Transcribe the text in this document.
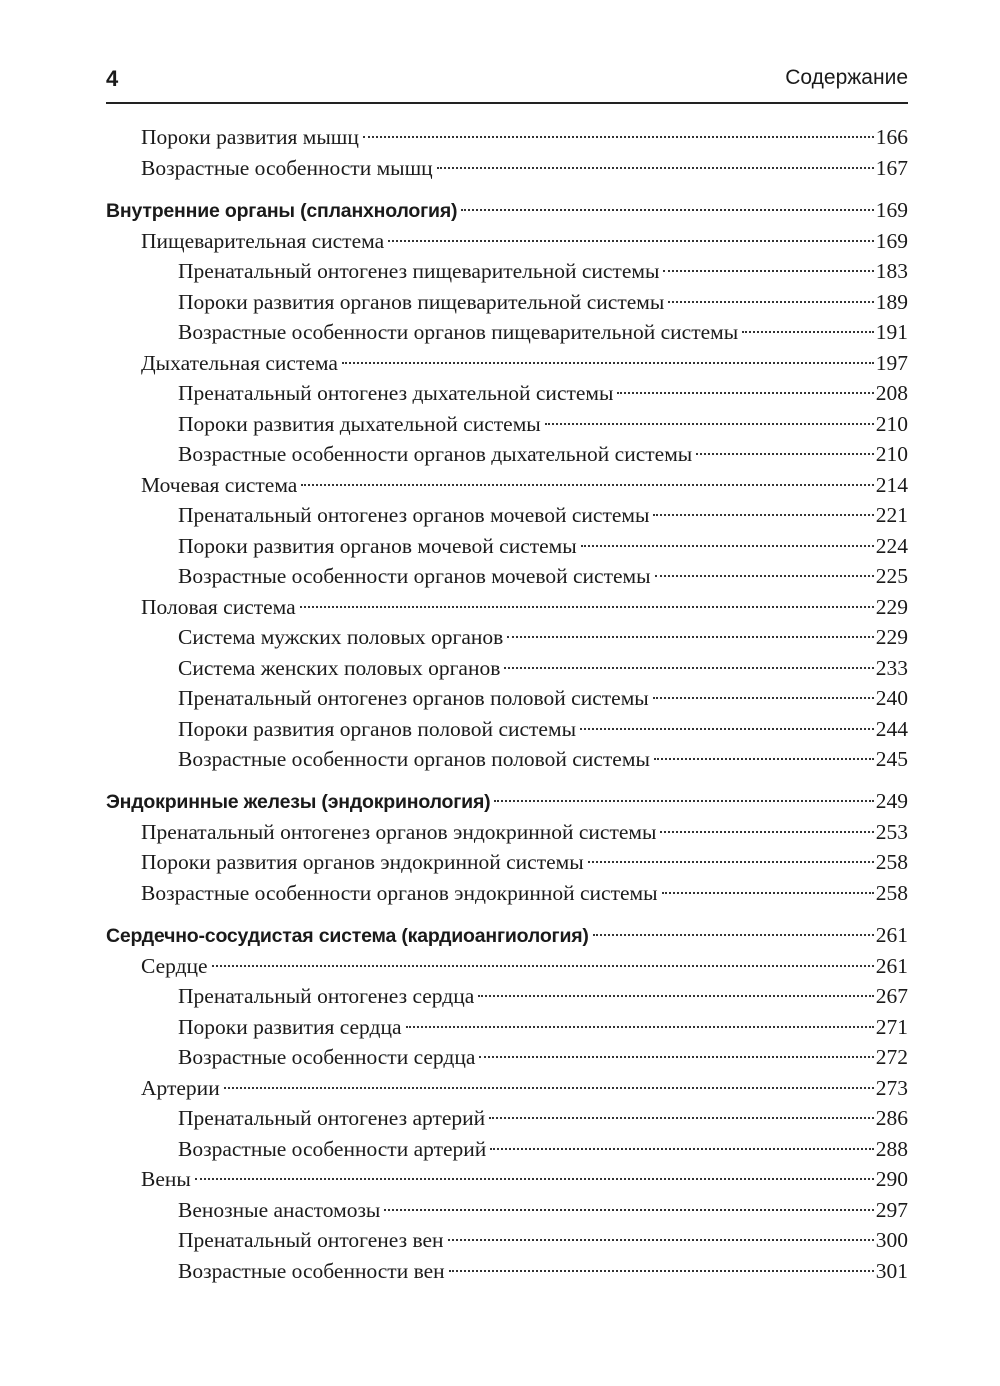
4	Содержание
Пороки развития мышц	166
Возрастные особенности мышц	167
Внутренние органы (спланхнология)	169
Пищеварительная система	169
Пренатальный онтогенез пищеварительной системы	183
Пороки развития органов пищеварительной системы	189
Возрастные особенности органов пищеварительной системы	191
Дыхательная система	197
Пренатальный онтогенез дыхательной системы	208
Пороки развития дыхательной системы	210
Возрастные особенности органов дыхательной системы	210
Мочевая система	214
Пренатальный онтогенез органов мочевой системы	221
Пороки развития органов мочевой системы	224
Возрастные особенности органов мочевой системы	225
Половая система	229
Система мужских половых органов	229
Система женских половых органов	233
Пренатальный онтогенез органов половой системы	240
Пороки развития органов половой системы	244
Возрастные особенности органов половой системы	245
Эндокринные железы (эндокринология)	249
Пренатальный онтогенез органов эндокринной системы	253
Пороки развития органов эндокринной системы	258
Возрастные особенности органов эндокринной системы	258
Сердечно-сосудистая система (кардиоангиология)	261
Сердце	261
Пренатальный онтогенез сердца	267
Пороки развития сердца	271
Возрастные особенности сердца	272
Артерии	273
Пренатальный онтогенез артерий	286
Возрастные особенности артерий	288
Вены	290
Венозные анастомозы	297
Пренатальный онтогенез вен	300
Возрастные особенности вен	301
